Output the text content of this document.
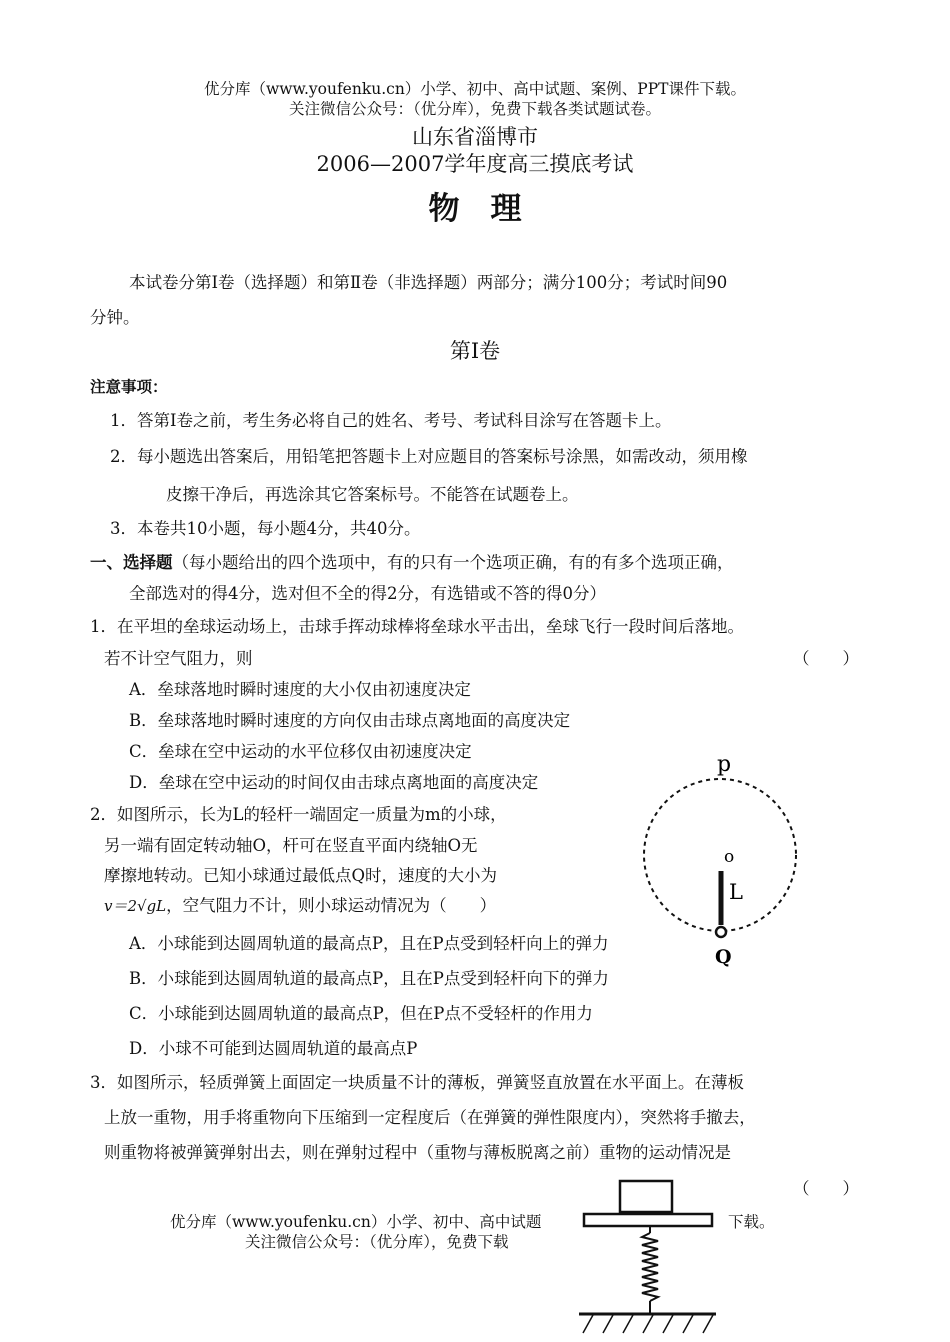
优分库（www.youfenku.cn）小学、初中、高中试题、案例、PPT课件下载。
关注微信公众号：（优分库），免费下载各类试题试卷。
山东省淄博市
2006—2007学年度高三摸底考试
物　理
本试卷分第Ⅰ卷（选择题）和第Ⅱ卷（非选择题）两部分；满分100分；考试时间90
分钟。
第Ⅰ卷
注意事项：
1．答第Ⅰ卷之前，考生务必将自己的姓名、考号、考试科目涂写在答题卡上。
2．每小题选出答案后，用铅笔把答题卡上对应题目的答案标号涂黑，如需改动，须用橡
皮擦干净后，再选涂其它答案标号。不能答在试题卷上。
3．本卷共10小题，每小题4分，共40分。
一、选择题（每小题给出的四个选项中，有的只有一个选项正确，有的有多个选项正确，
全部选对的得4分，选对但不全的得2分，有选错或不答的得0分）
1．在平坦的垒球运动场上，击球手挥动球棒将垒球水平击出，垒球飞行一段时间后落地。
若不计空气阻力，则	（　　）
A．垒球落地时瞬时速度的大小仅由初速度决定
B．垒球落地时瞬时速度的方向仅由击球点离地面的高度决定
C．垒球在空中运动的水平位移仅由初速度决定
D．垒球在空中运动的时间仅由击球点离地面的高度决定
2．如图所示，长为L的轻杆一端固定一质量为m的小球，
另一端有固定转动轴O，杆可在竖直平面内绕轴O无
摩擦地转动。已知小球通过最低点Q时，速度的大小为
v＝2√gL，空气阻力不计，则小球运动情况为（　　）
A．小球能到达圆周轨道的最高点P，且在P点受到轻杆向上的弹力
B．小球能到达圆周轨道的最高点P，且在P点受到轻杆向下的弹力
C．小球能到达圆周轨道的最高点P，但在P点不受轻杆的作用力
D．小球不可能到达圆周轨道的最高点P
p
o
L
Q
3．如图所示，轻质弹簧上面固定一块质量不计的薄板，弹簧竖直放置在水平面上。在薄板
上放一重物，用手将重物向下压缩到一定程度后（在弹簧的弹性限度内），突然将手撤去，
则重物将被弹簧弹射出去，则在弹射过程中（重物与薄板脱离之前）重物的运动情况是
（　　）
优分库（www.youfenku.cn）小学、初中、高中试题	下载。
关注微信公众号：（优分库），免费下载
